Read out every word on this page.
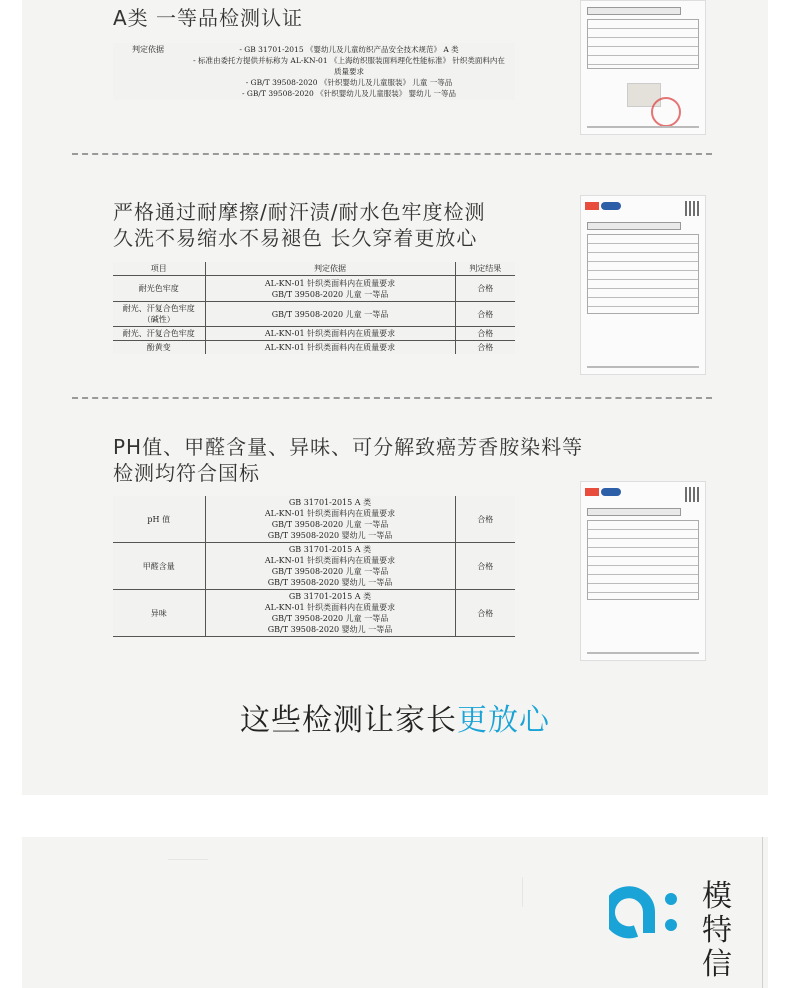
A类 一等品检测认证
判定依据	- GB 31701-2015 《婴幼儿及儿童纺织产品安全技术规范》 A 类
- 标准由委托方提供并标称为 AL-KN-01 《上海纺织服装面料理化性能标准》 针织类面料内在
质量要求
- GB/T 39508-2020 《针织婴幼儿及儿童服装》 儿童 一等品
- GB/T 39508-2020 《针织婴幼儿及儿童服装》 婴幼儿 一等品
严格通过耐摩擦/耐汗渍/耐水色牢度检测
久洗不易缩水不易褪色 长久穿着更放心
项目	判定依据	判定结果
耐光色牢度	AL-KN-01 针织类面料内在质量要求
GB/T 39508-2020 儿童 一等品	合格
耐光、汗复合色牢度（碱性）	GB/T 39508-2020 儿童 一等品	合格
耐光、汗复合色牢度	AL-KN-01 针织类面料内在质量要求	合格
酚黄变	AL-KN-01 针织类面料内在质量要求	合格
PH值、甲醛含量、异味、可分解致癌芳香胺染料等
检测均符合国标
pH 值	GB 31701-2015 A 类
AL-KN-01 针织类面料内在质量要求
GB/T 39508-2020 儿童 一等品
GB/T 39508-2020 婴幼儿 一等品	合格
甲醛含量	GB 31701-2015 A 类
AL-KN-01 针织类面料内在质量要求
GB/T 39508-2020 儿童 一等品
GB/T 39508-2020 婴幼儿 一等品	合格
异味	GB 31701-2015 A 类
AL-KN-01 针织类面料内在质量要求
GB/T 39508-2020 儿童 一等品
GB/T 39508-2020 婴幼儿 一等品	合格
这些检测让家长更放心
模
特
信
